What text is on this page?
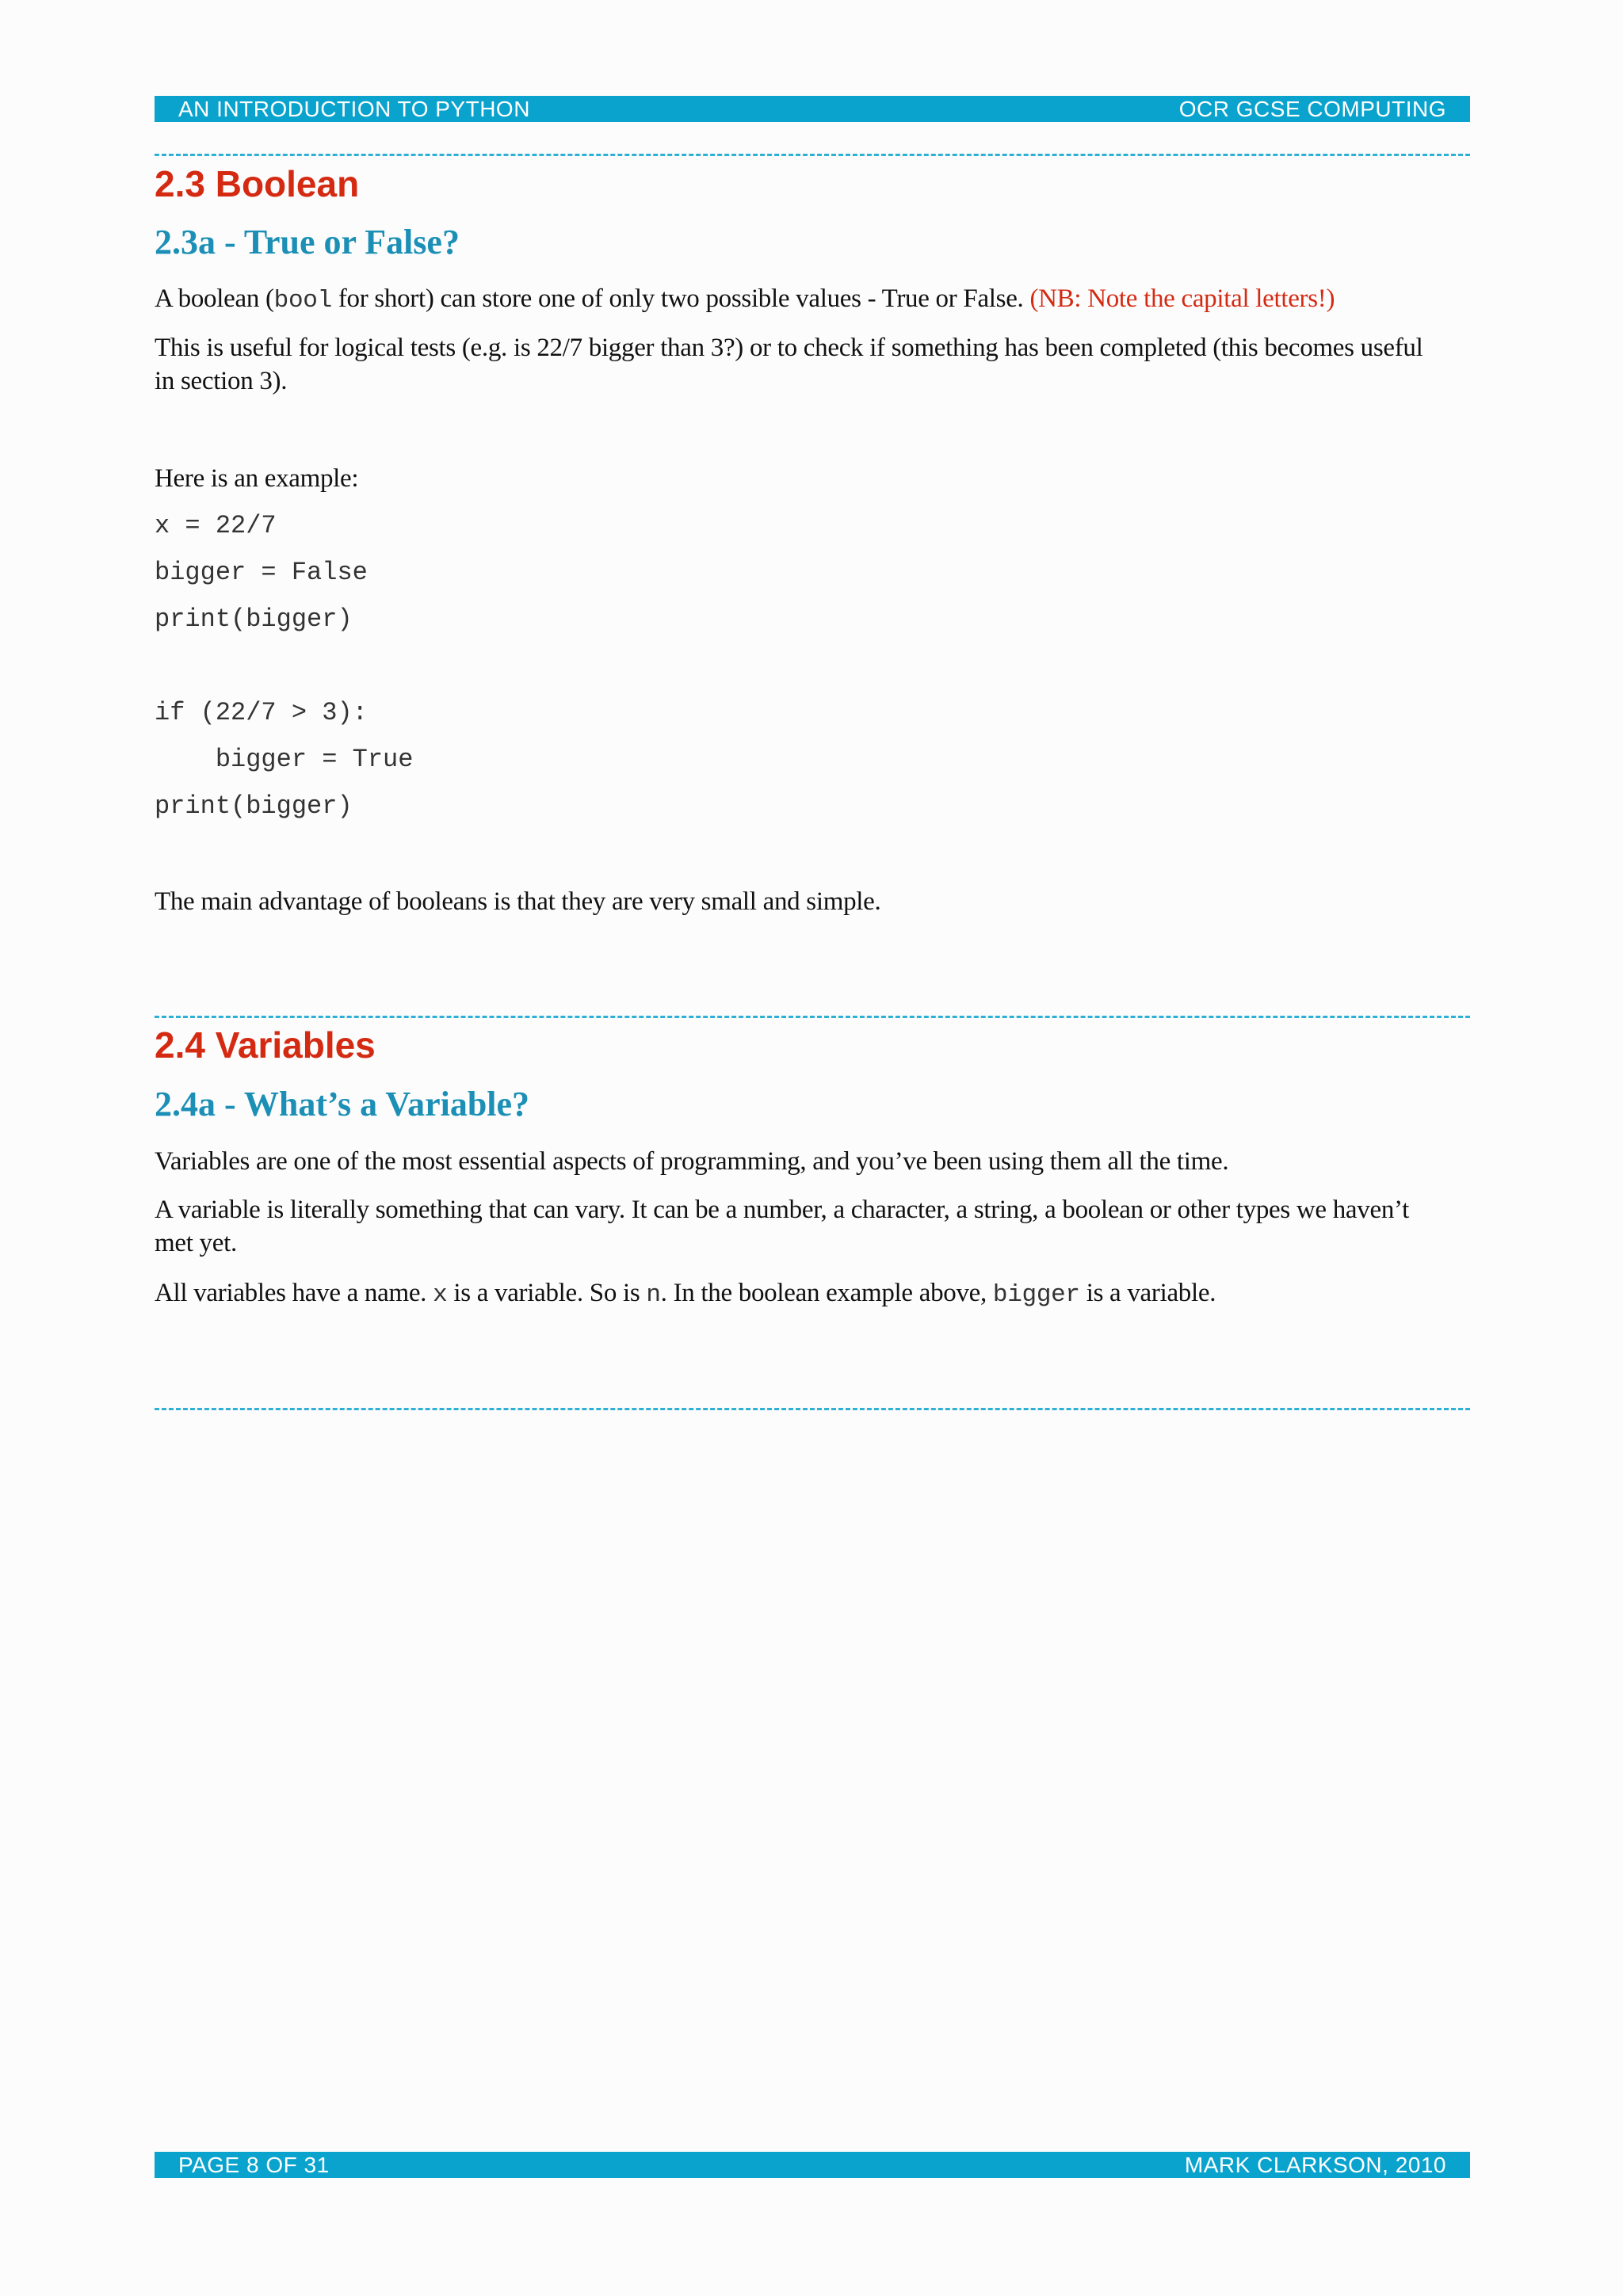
AN INTRODUCTION TO PYTHON	OCR GCSE COMPUTING
2.3 Boolean
2.3a - True or False?

A boolean (bool for short) can store one of only two possible values - True or False. (NB: Note the capital letters!)

This is useful for logical tests (e.g. is 22/7 bigger than 3?) or to check if something has been completed (this becomes useful in section 3).

Here is an example:

x = 22/7

bigger = False

print(bigger)

if (22/7 > 3):

bigger = True

print(bigger)

The main advantage of booleans is that they are very small and simple.

2.4 Variables
2.4a - What’s a Variable?

Variables are one of the most essential aspects of programming, and you’ve been using them all the time.

A variable is literally something that can vary. It can be a number, a character, a string, a boolean or other types we haven’t met yet.

All variables have a name. x is a variable. So is n. In the boolean example above, bigger is a variable.

PAGE 8 OF 31	MARK CLARKSON, 2010
